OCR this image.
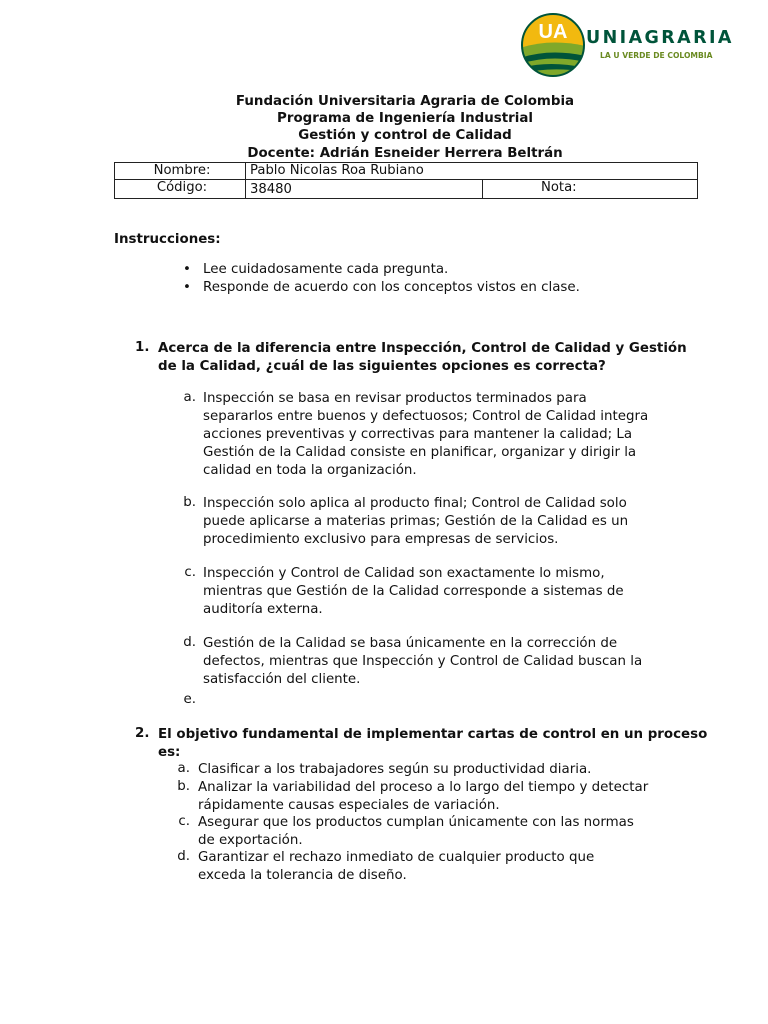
UA UNIAGRARIA
LA U VERDE DE COLOMBIA
Fundación Universitaria Agraria de Colombia
Programa de Ingeniería Industrial
Gestión y control de Calidad
Docente: Adrián Esneider Herrera Beltrán
Nombre:	Pablo Nicolas Roa Rubiano	
Código:	38480	Nota:
Instrucciones:
• Lee cuidadosamente cada pregunta.
• Responde de acuerdo con los conceptos vistos en clase.
1. Acerca de la diferencia entre Inspección, Control de Calidad y Gestión
de la Calidad, ¿cuál de las siguientes opciones es correcta?
a. Inspección se basa en revisar productos terminados para
separarlos entre buenos y defectuosos; Control de Calidad integra
acciones preventivas y correctivas para mantener la calidad; La
Gestión de la Calidad consiste en planificar, organizar y dirigir la
calidad en toda la organización.
b. Inspección solo aplica al producto final; Control de Calidad solo
puede aplicarse a materias primas; Gestión de la Calidad es un
procedimiento exclusivo para empresas de servicios.
c. Inspección y Control de Calidad son exactamente lo mismo,
mientras que Gestión de la Calidad corresponde a sistemas de
auditoría externa.
d. Gestión de la Calidad se basa únicamente en la corrección de
defectos, mientras que Inspección y Control de Calidad buscan la
satisfacción del cliente.
e.
2. El objetivo fundamental de implementar cartas de control en un proceso
es:
a. Clasificar a los trabajadores según su productividad diaria.
b. Analizar la variabilidad del proceso a lo largo del tiempo y detectar
rápidamente causas especiales de variación.
c. Asegurar que los productos cumplan únicamente con las normas
de exportación.
d. Garantizar el rechazo inmediato de cualquier producto que
exceda la tolerancia de diseño.
